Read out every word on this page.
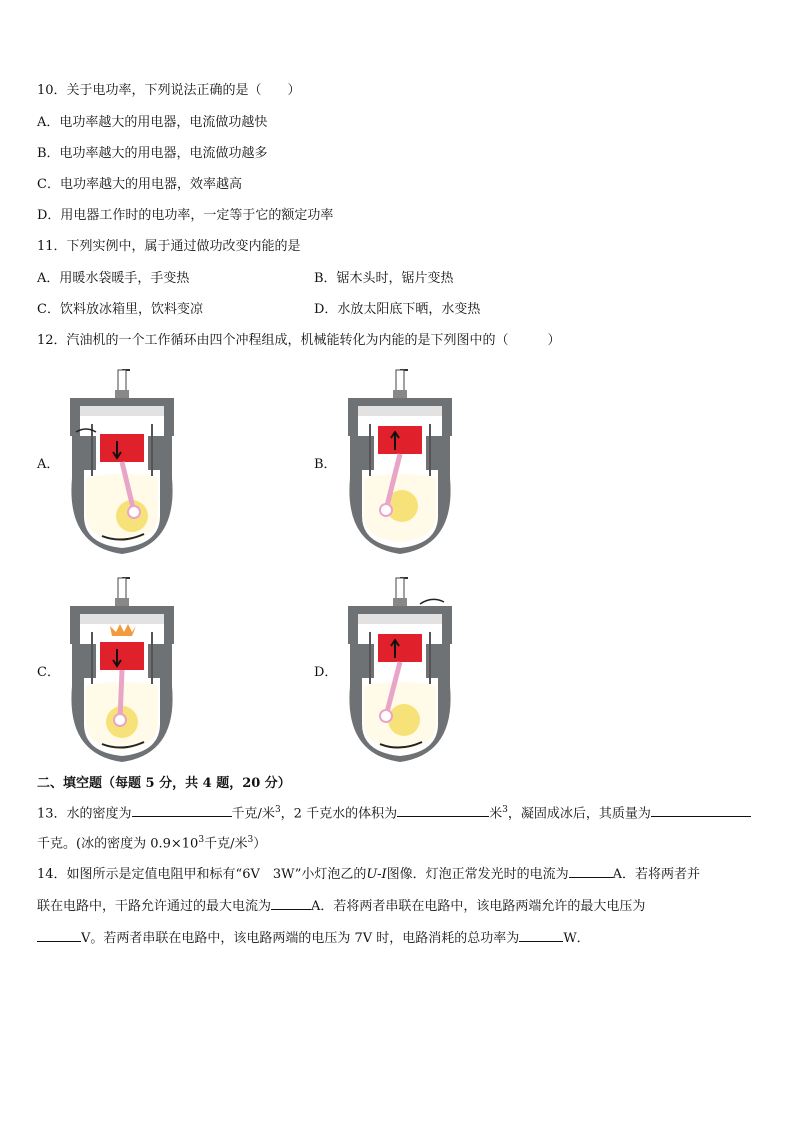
10．关于电功率，下列说法正确的是（　　）
A．电功率越大的用电器，电流做功越快
B．电功率越大的用电器，电流做功越多
C．电功率越大的用电器，效率越高
D．用电器工作时的电功率，一定等于它的额定功率
11．下列实例中，属于通过做功改变内能的是
A．用暖水袋暖手，手变热	B．锯木头时，锯片变热
C．饮料放冰箱里，饮料变凉	D．水放太阳底下晒，水变热
12．汽油机的一个工作循环由四个冲程组成，机械能转化为内能的是下列图中的（　　　）
A．	B．
C．	D．
二、填空题（每题 5 分，共 4 题，20 分）
13．水的密度为	千克/米$^3$，2 千克水的体积为	米$^3$，凝固成冰后，其质量为
千克。(冰的密度为 $0.9\times 10^3$千克/米$^3$）
14．如图所示是定值电阻甲和标有“6V　3W”小灯泡乙的U-I图像．灯泡正常发光时的电流为	A．若将两者并
联在电路中，干路允许通过的最大电流为	A．若将两者串联在电路中，该电路两端允许的最大电压为
V。若两者串联在电路中，该电路两端的电压为 7V 时，电路消耗的总功率为	W．
